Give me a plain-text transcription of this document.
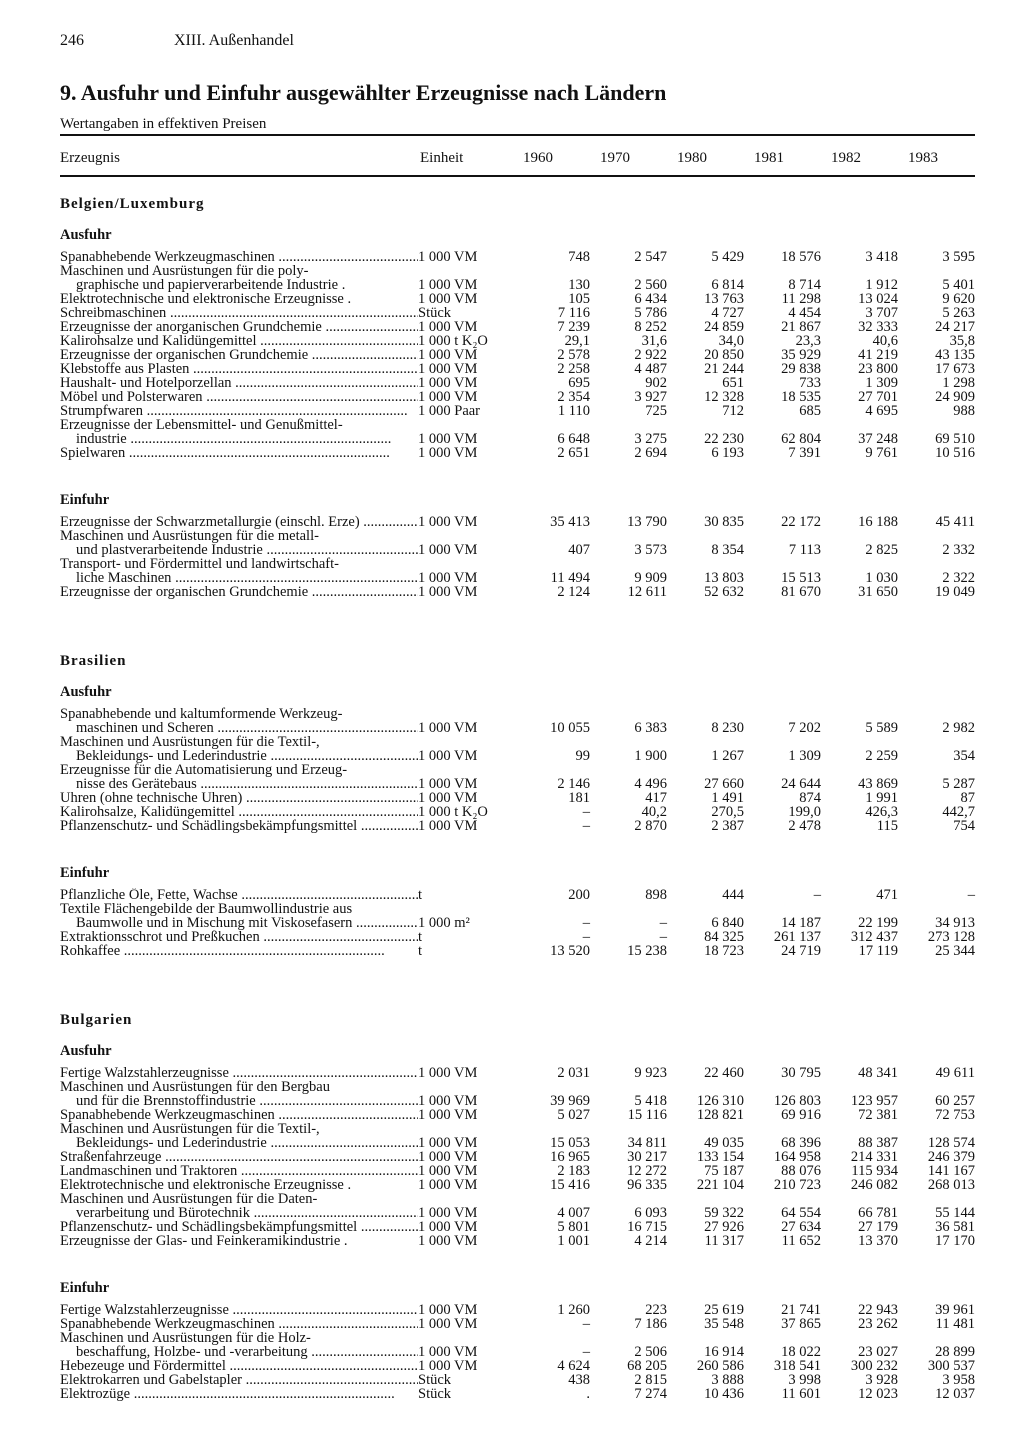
246	XIII. Außenhandel
9. Ausfuhr und Einfuhr ausgewählter Erzeugnisse nach Ländern
Wertangaben in effektiven Preisen
Erzeugnis	Einheit	1960	1970	1980	1981	1982	1983
Belgien/Luxemburg
Ausfuhr
Spanabhebende Werkzeugmaschinen .....	1 000 VM	748	2 547	5 429	18 576	3 418	3 595
Maschinen und Ausrüstungen für die poly-
graphische und papierverarbeitende Industrie .	1 000 VM	130	2 560	6 814	8 714	1 912	5 401
Elektrotechnische und elektronische Erzeugnisse .	1 000 VM	105	6 434	13 763	11 298	13 024	9 620
Schreibmaschinen .....	Stück	7 116	5 786	4 727	4 454	3 707	5 263
Erzeugnisse der anorganischen Grundchemie .....	1 000 VM	7 239	8 252	24 859	21 867	32 333	24 217
Kalirohsalze und Kalidüngemittel .....	1 000 t K₂O	29,1	31,6	34,0	23,3	40,6	35,8
Erzeugnisse der organischen Grundchemie .....	1 000 VM	2 578	2 922	20 850	35 929	41 219	43 135
Klebstoffe aus Plasten .....	1 000 VM	2 258	4 487	21 244	29 838	23 800	17 673
Haushalt- und Hotelporzellan .....	1 000 VM	695	902	651	733	1 309	1 298
Möbel und Polsterwaren .....	1 000 VM	2 354	3 927	12 328	18 535	27 701	24 909
Strumpfwaren .....	1 000 Paar	1 110	725	712	685	4 695	988
Erzeugnisse der Lebensmittel- und Genußmittel-
industrie .....	1 000 VM	6 648	3 275	22 230	62 804	37 248	69 510
Spielwaren .....	1 000 VM	2 651	2 694	6 193	7 391	9 761	10 516
Einfuhr
Erzeugnisse der Schwarzmetallurgie (einschl. Erze) .....	1 000 VM	35 413	13 790	30 835	22 172	16 188	45 411
Maschinen und Ausrüstungen für die metall-
und plastverarbeitende Industrie .....	1 000 VM	407	3 573	8 354	7 113	2 825	2 332
Transport- und Fördermittel und landwirtschaft-
liche Maschinen .....	1 000 VM	11 494	9 909	13 803	15 513	1 030	2 322
Erzeugnisse der organischen Grundchemie .....	1 000 VM	2 124	12 611	52 632	81 670	31 650	19 049
Brasilien
Ausfuhr
Spanabhebende und kaltumformende Werkzeug-
maschinen und Scheren .....	1 000 VM	10 055	6 383	8 230	7 202	5 589	2 982
Maschinen und Ausrüstungen für die Textil-,
Bekleidungs- und Lederindustrie .....	1 000 VM	99	1 900	1 267	1 309	2 259	354
Erzeugnisse für die Automatisierung und Erzeug-
nisse des Gerätebaus .....	1 000 VM	2 146	4 496	27 660	24 644	43 869	5 287
Uhren (ohne technische Uhren) .....	1 000 VM	181	417	1 491	874	1 991	87
Kalirohsalze, Kalidüngemittel .....	1 000 t K₂O	–	40,2	270,5	199,0	426,3	442,7
Pflanzenschutz- und Schädlingsbekämpfungsmittel .....	1 000 VM	–	2 870	2 387	2 478	115	754
Einfuhr
Pflanzliche Öle, Fette, Wachse .....	t	200	898	444	–	471	–
Textile Flächengebilde der Baumwollindustrie aus
Baumwolle und in Mischung mit Viskosefasern .....	1 000 m²	–	–	6 840	14 187	22 199	34 913
Extraktionsschrot und Preßkuchen .....	t	–	–	84 325	261 137	312 437	273 128
Rohkaffee .....	t	13 520	15 238	18 723	24 719	17 119	25 344
Bulgarien
Ausfuhr
Fertige Walzstahlerzeugnisse .....	1 000 VM	2 031	9 923	22 460	30 795	48 341	49 611
Maschinen und Ausrüstungen für den Bergbau
und für die Brennstoffindustrie .....	1 000 VM	39 969	5 418	126 310	126 803	123 957	60 257
Spanabhebende Werkzeugmaschinen .....	1 000 VM	5 027	15 116	128 821	69 916	72 381	72 753
Maschinen und Ausrüstungen für die Textil-,
Bekleidungs- und Lederindustrie .....	1 000 VM	15 053	34 811	49 035	68 396	88 387	128 574
Straßenfahrzeuge .....	1 000 VM	16 965	30 217	133 154	164 958	214 331	246 379
Landmaschinen und Traktoren .....	1 000 VM	2 183	12 272	75 187	88 076	115 934	141 167
Elektrotechnische und elektronische Erzeugnisse .	1 000 VM	15 416	96 335	221 104	210 723	246 082	268 013
Maschinen und Ausrüstungen für die Daten-
verarbeitung und Bürotechnik .....	1 000 VM	4 007	6 093	59 322	64 554	66 781	55 144
Pflanzenschutz- und Schädlingsbekämpfungsmittel .....	1 000 VM	5 801	16 715	27 926	27 634	27 179	36 581
Erzeugnisse der Glas- und Feinkeramikindustrie .	1 000 VM	1 001	4 214	11 317	11 652	13 370	17 170
Einfuhr
Fertige Walzstahlerzeugnisse .....	1 000 VM	1 260	223	25 619	21 741	22 943	39 961
Spanabhebende Werkzeugmaschinen .....	1 000 VM	–	7 186	35 548	37 865	23 262	11 481
Maschinen und Ausrüstungen für die Holz-
beschaffung, Holzbe- und -verarbeitung .....	1 000 VM	–	2 506	16 914	18 022	23 027	28 899
Hebezeuge und Fördermittel .....	1 000 VM	4 624	68 205	260 586	318 541	300 232	300 537
Elektrokarren und Gabelstapler .....	Stück	438	2 815	3 888	3 998	3 928	3 958
Elektrozüge .....	Stück	.	7 274	10 436	11 601	12 023	12 037
